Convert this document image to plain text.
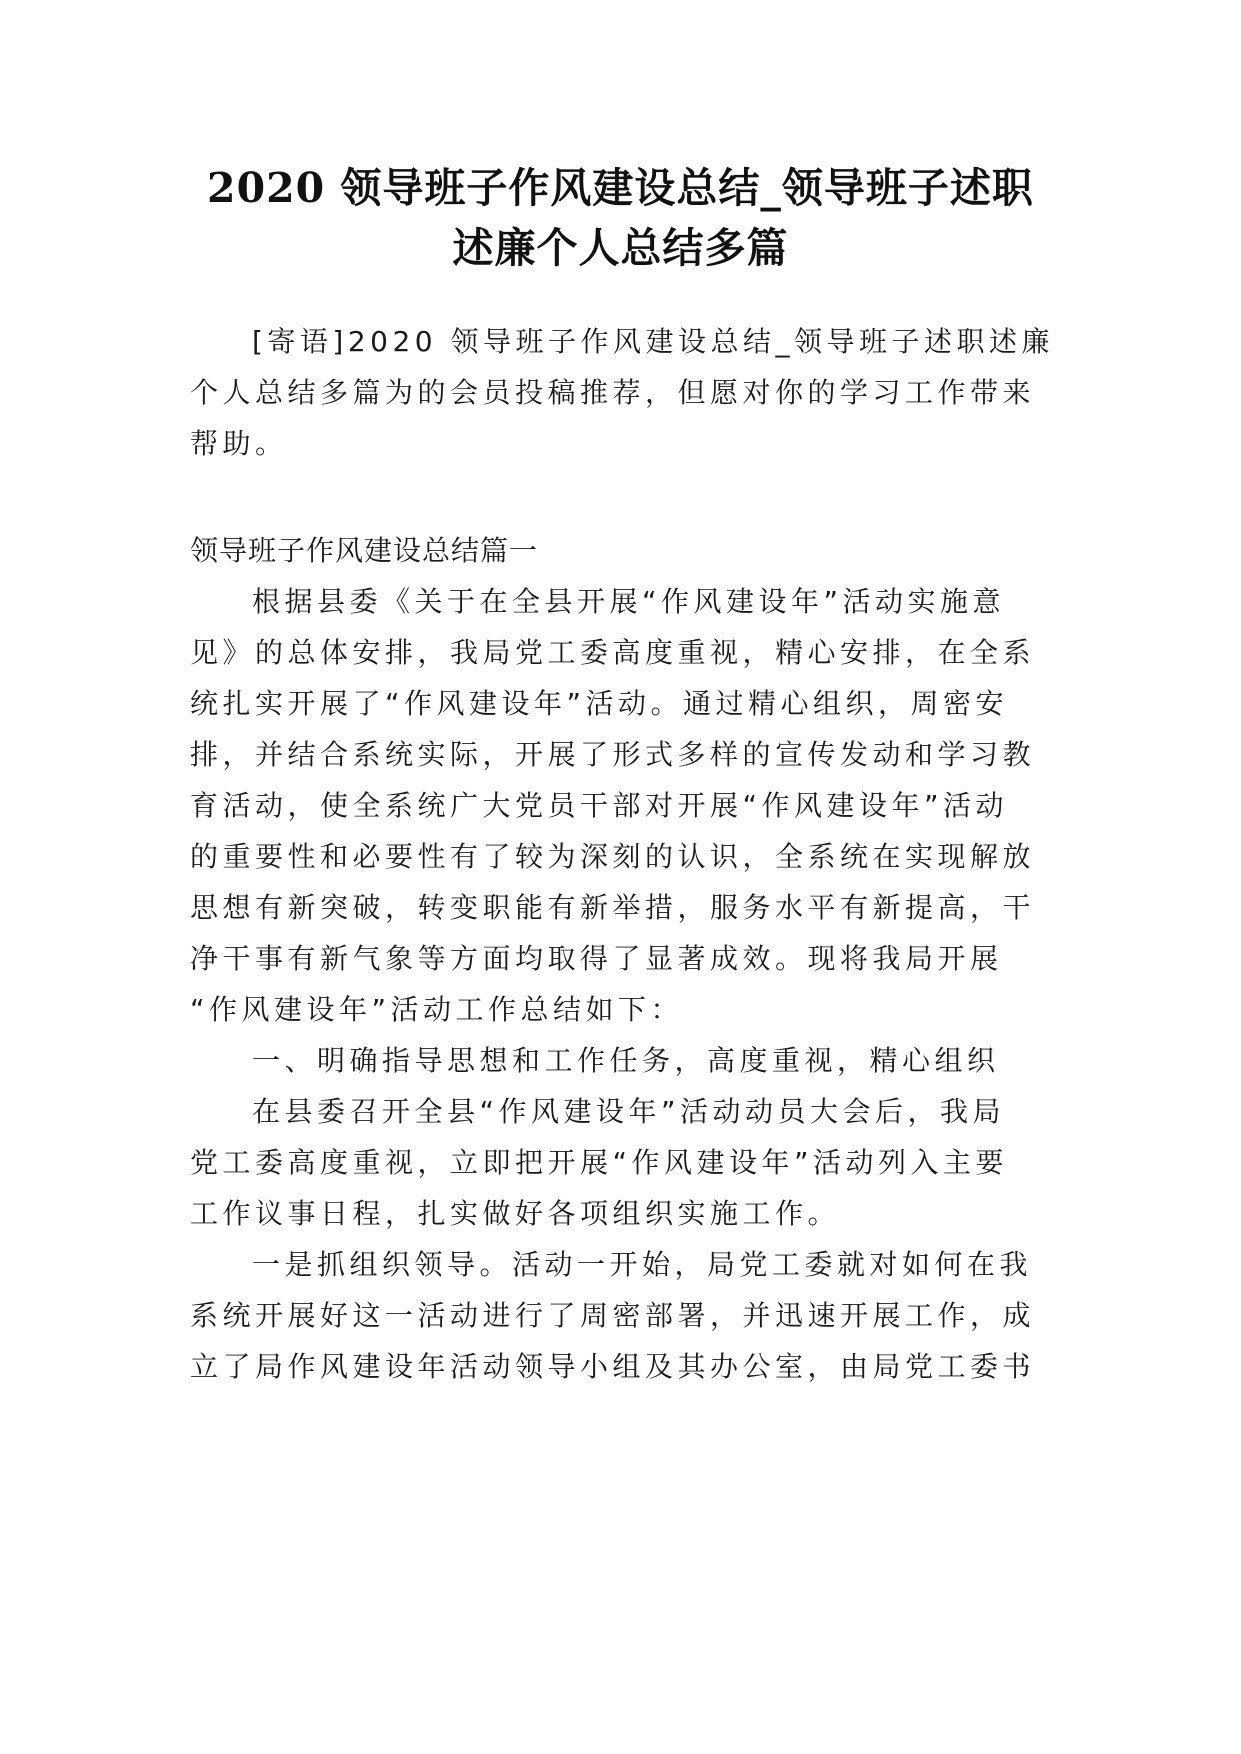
2020 领导班子作风建设总结_领导班子述职
述廉个人总结多篇
[寄语]2020 领导班子作风建设总结_领导班子述职述廉
个人总结多篇为的会员投稿推荐，但愿对你的学习工作带来
帮助。
领导班子作风建设总结篇一
根据县委《关于在全县开展“作风建设年”活动实施意
见》的总体安排，我局党工委高度重视，精心安排，在全系
统扎实开展了“作风建设年”活动。通过精心组织，周密安
排，并结合系统实际，开展了形式多样的宣传发动和学习教
育活动，使全系统广大党员干部对开展“作风建设年”活动
的重要性和必要性有了较为深刻的认识，全系统在实现解放
思想有新突破，转变职能有新举措，服务水平有新提高，干
净干事有新气象等方面均取得了显著成效。现将我局开展
“作风建设年”活动工作总结如下：
一、明确指导思想和工作任务，高度重视，精心组织
在县委召开全县“作风建设年”活动动员大会后，我局
党工委高度重视，立即把开展“作风建设年”活动列入主要
工作议事日程，扎实做好各项组织实施工作。
一是抓组织领导。活动一开始，局党工委就对如何在我
系统开展好这一活动进行了周密部署，并迅速开展工作，成
立了局作风建设年活动领导小组及其办公室，由局党工委书
